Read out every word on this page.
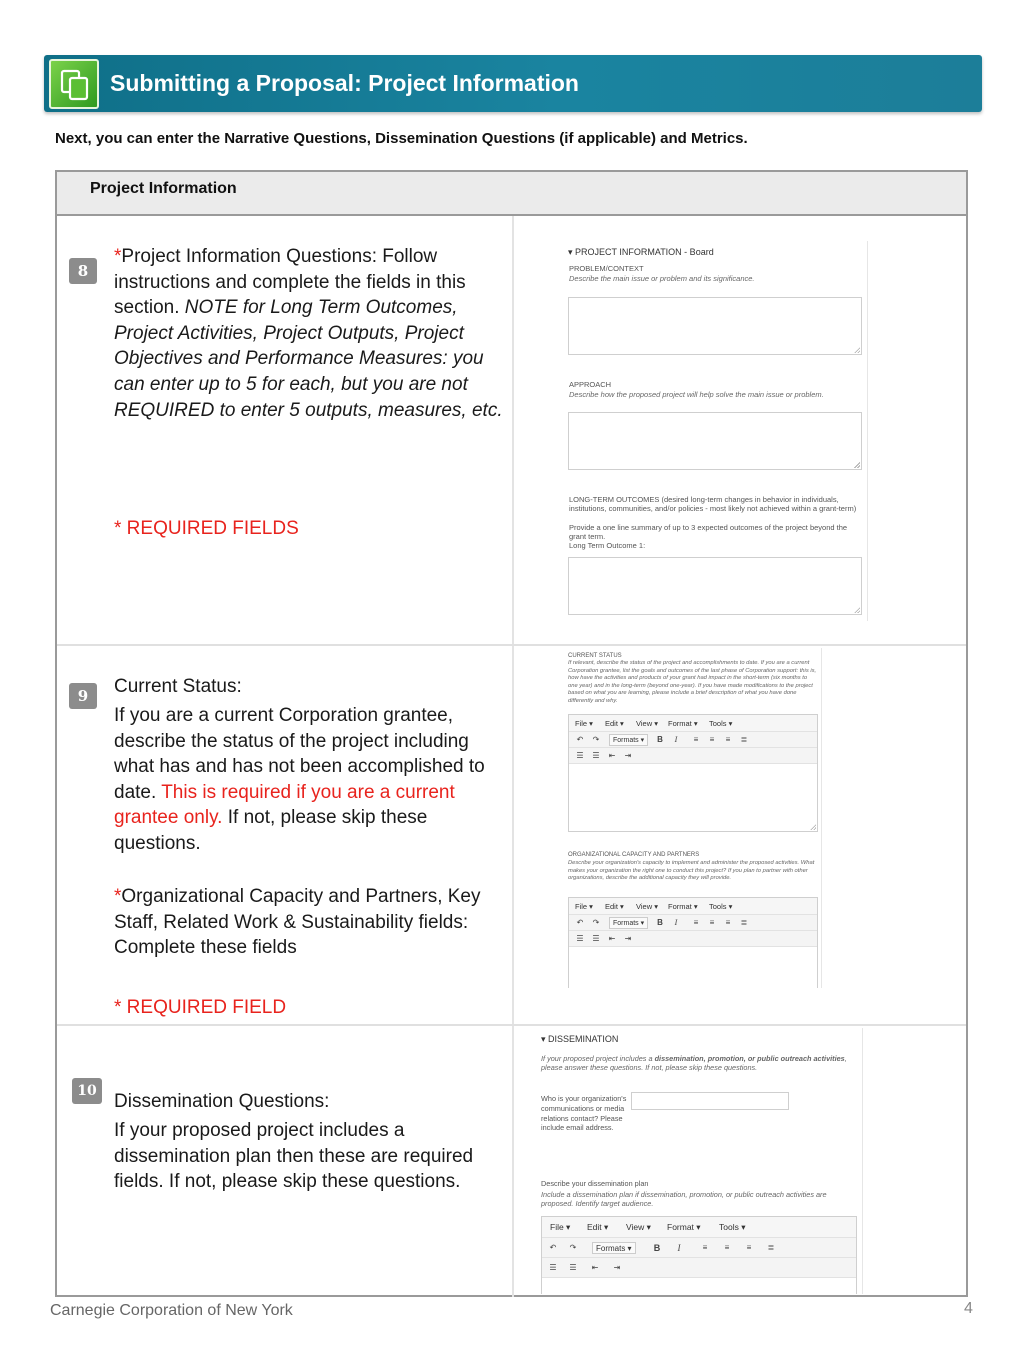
Submitting a Proposal: Project Information
Next, you can enter the Narrative Questions, Dissemination Questions (if applicable) and Metrics.
Project Information
8
*Project Information Questions: Follow instructions and complete the fields in this section. NOTE for Long Term Outcomes, Project Activities, Project Outputs, Project Objectives and Performance Measures: you can enter up to 5 for each, but you are not REQUIRED to enter 5 outputs, measures, etc.
* REQUIRED FIELDS
9	Current Status:
If you are a current Corporation grantee, describe the status of the project including what has and has not been accomplished to date. This is required if you are a current grantee only. If not, please skip these questions.
*Organizational Capacity and Partners, Key Staff, Related Work & Sustainability fields: Complete these fields
* REQUIRED FIELD
10 Dissemination Questions:
If your proposed project includes a dissemination plan then these are required fields. If not, please skip these questions.
▾ PROJECT INFORMATION - Board
PROBLEM/CONTEXT
Describe the main issue or problem and its significance.
APPROACH
Describe how the proposed project will help solve the main issue or problem.
LONG-TERM OUTCOMES (desired long-term changes in behavior in individuals, institutions, communities, and/or policies - most likely not achieved within a grant-term)
Provide a one line summary of up to 3 expected outcomes of the project beyond the grant term.
Long Term Outcome 1:
CURRENT STATUS
If relevant, describe the status of the project and accomplishments to date. If you are a current Corporation grantee, list the goals and outcomes of the last phase of Corporation support: this is, how have the activities and products of your grant had impact in the short-term (six months to one year) and in the long-term (beyond one-year). If you have made modifications to the project based on what you are learning, please include a brief description of what you have done differently and why.
File ▾ Edit ▾ View ▾ Format ▾ Tools ▾
↶ ↷	Formats ▾	B	I	≡	≡	≡	≣
☰ ☰ ⇤ ⇥
ORGANIZATIONAL CAPACITY AND PARTNERS
Describe your organization's capacity to implement and administer the proposed activities. What makes your organization the right one to conduct this project? If you plan to partner with other organizations, describe the additional capacity they will provide.
File ▾ Edit ▾ View ▾ Format ▾ Tools ▾
↶ ↷	Formats ▾	B	I	≡	≡	≡	≣
☰ ☰ ⇤ ⇥
▾ DISSEMINATION
If your proposed project includes a dissemination, promotion, or public outreach activities, please answer these questions. If not, please skip these questions.
Who is your organization's communications or media relations contact? Please include email address.
Describe your dissemination plan
Include a dissemination plan if dissemination, promotion, or public outreach activities are proposed. Identify target audience.
File ▾ Edit ▾ View ▾ Format ▾ Tools ▾
↶ ↷	Formats ▾	B	I	≡	≡	≡	≣
☰ ☰ ⇤ ⇥
Carnegie Corporation of New York	4
